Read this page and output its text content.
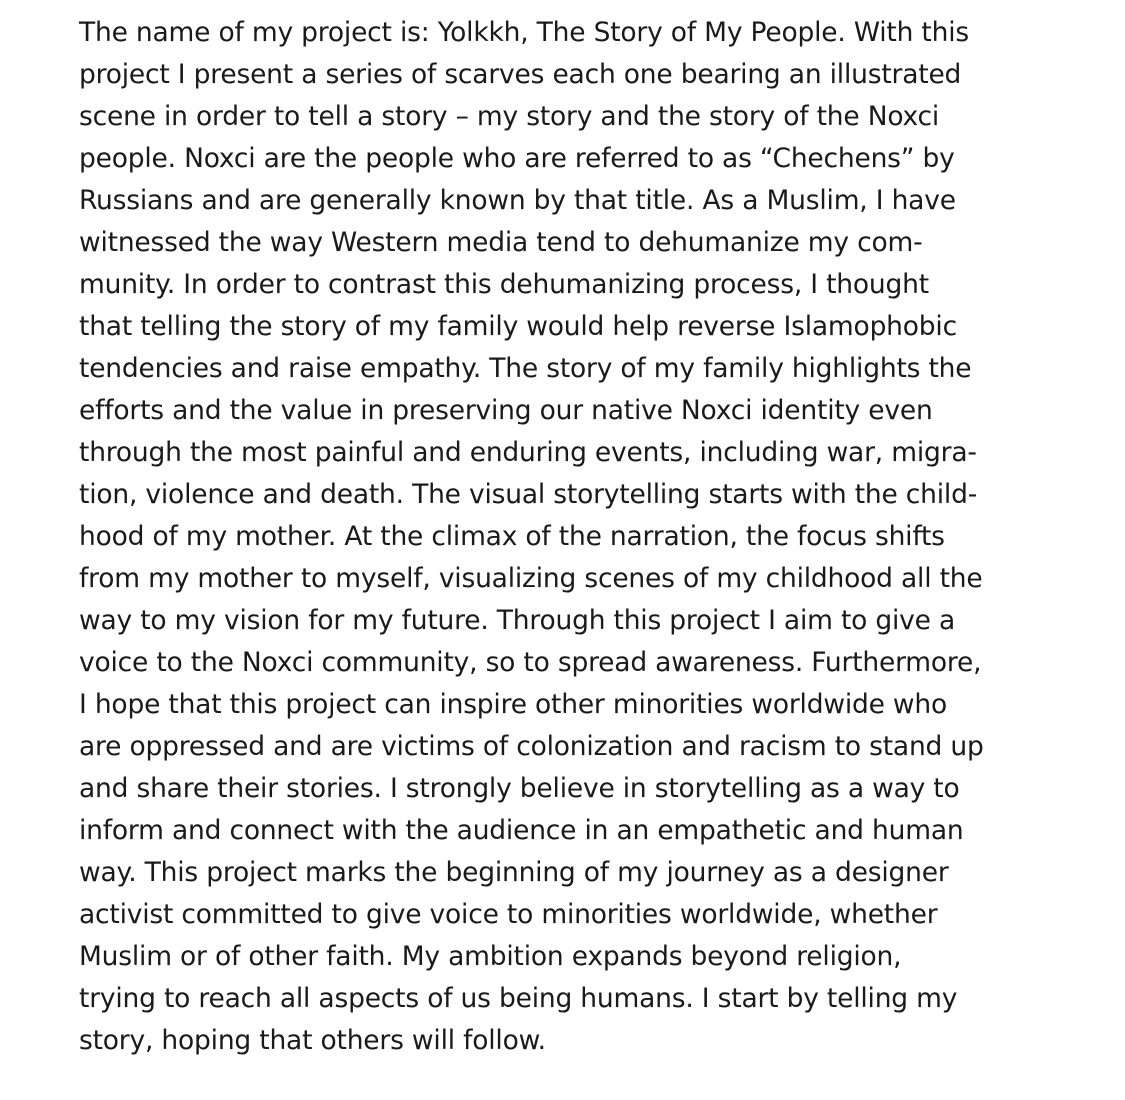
The name of my project is: Yolkkh, The Story of My People. With this
project I present a series of scarves each one bearing an illustrated
scene in order to tell a story – my story and the story of the Noxci
people. Noxci are the people who are referred to as “Chechens” by
Russians and are generally known by that title. As a Muslim, I have
witnessed the way Western media tend to dehumanize my com-
munity. In order to contrast this dehumanizing process, I thought
that telling the story of my family would help reverse Islamophobic
tendencies and raise empathy. The story of my family highlights the
efforts and the value in preserving our native Noxci identity even
through the most painful and enduring events, including war, migra-
tion, violence and death. The visual storytelling starts with the child-
hood of my mother. At the climax of the narration, the focus shifts
from my mother to myself, visualizing scenes of my childhood all the
way to my vision for my future. Through this project I aim to give a
voice to the Noxci community, so to spread awareness. Furthermore,
I hope that this project can inspire other minorities worldwide who
are oppressed and are victims of colonization and racism to stand up
and share their stories. I strongly believe in storytelling as a way to
inform and connect with the audience in an empathetic and human
way. This project marks the beginning of my journey as a designer
activist committed to give voice to minorities worldwide, whether
Muslim or of other faith. My ambition expands beyond religion,
trying to reach all aspects of us being humans. I start by telling my
story, hoping that others will follow.
